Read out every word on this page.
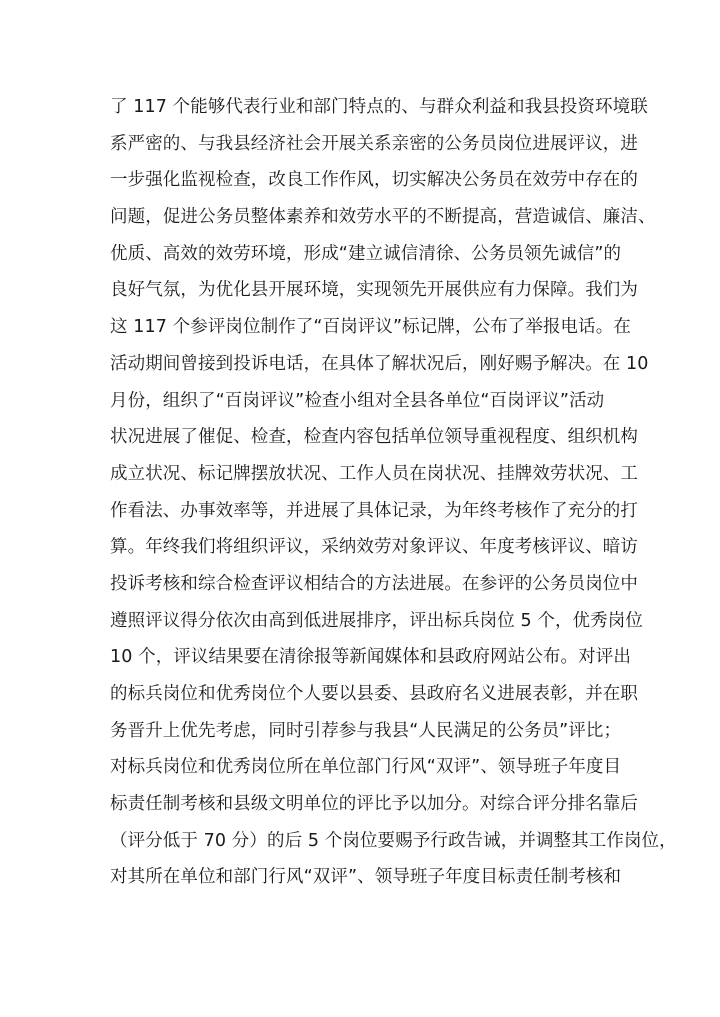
了 117 个能够代表行业和部门特点的、与群众利益和我县投资环境联
系严密的、与我县经济社会开展关系亲密的公务员岗位进展评议，进
一步强化监视检查，改良工作作风，切实解决公务员在效劳中存在的
问题，促进公务员整体素养和效劳水平的不断提高，营造诚信、廉洁、
优质、高效的效劳环境，形成“建立诚信清徐、公务员领先诚信”的
良好气氛，为优化县开展环境，实现领先开展供应有力保障。我们为
这 117 个参评岗位制作了“百岗评议”标记牌，公布了举报电话。在
活动期间曾接到投诉电话，在具体了解状况后，刚好赐予解决。在 10
月份，组织了“百岗评议”检查小组对全县各单位“百岗评议”活动
状况进展了催促、检查，检查内容包括单位领导重视程度、组织机构
成立状况、标记牌摆放状况、工作人员在岗状况、挂牌效劳状况、工
作看法、办事效率等，并进展了具体记录，为年终考核作了充分的打
算。年终我们将组织评议，采纳效劳对象评议、年度考核评议、暗访
投诉考核和综合检查评议相结合的方法进展。在参评的公务员岗位中
遵照评议得分依次由高到低进展排序，评出标兵岗位 5 个，优秀岗位
10 个，评议结果要在清徐报等新闻媒体和县政府网站公布。对评出
的标兵岗位和优秀岗位个人要以县委、县政府名义进展表彰，并在职
务晋升上优先考虑，同时引荐参与我县“人民满足的公务员”评比；
对标兵岗位和优秀岗位所在单位部门行风“双评”、领导班子年度目
标责任制考核和县级文明单位的评比予以加分。对综合评分排名靠后
（评分低于 70 分）的后 5 个岗位要赐予行政告诫，并调整其工作岗位，
对其所在单位和部门行风“双评”、领导班子年度目标责任制考核和
